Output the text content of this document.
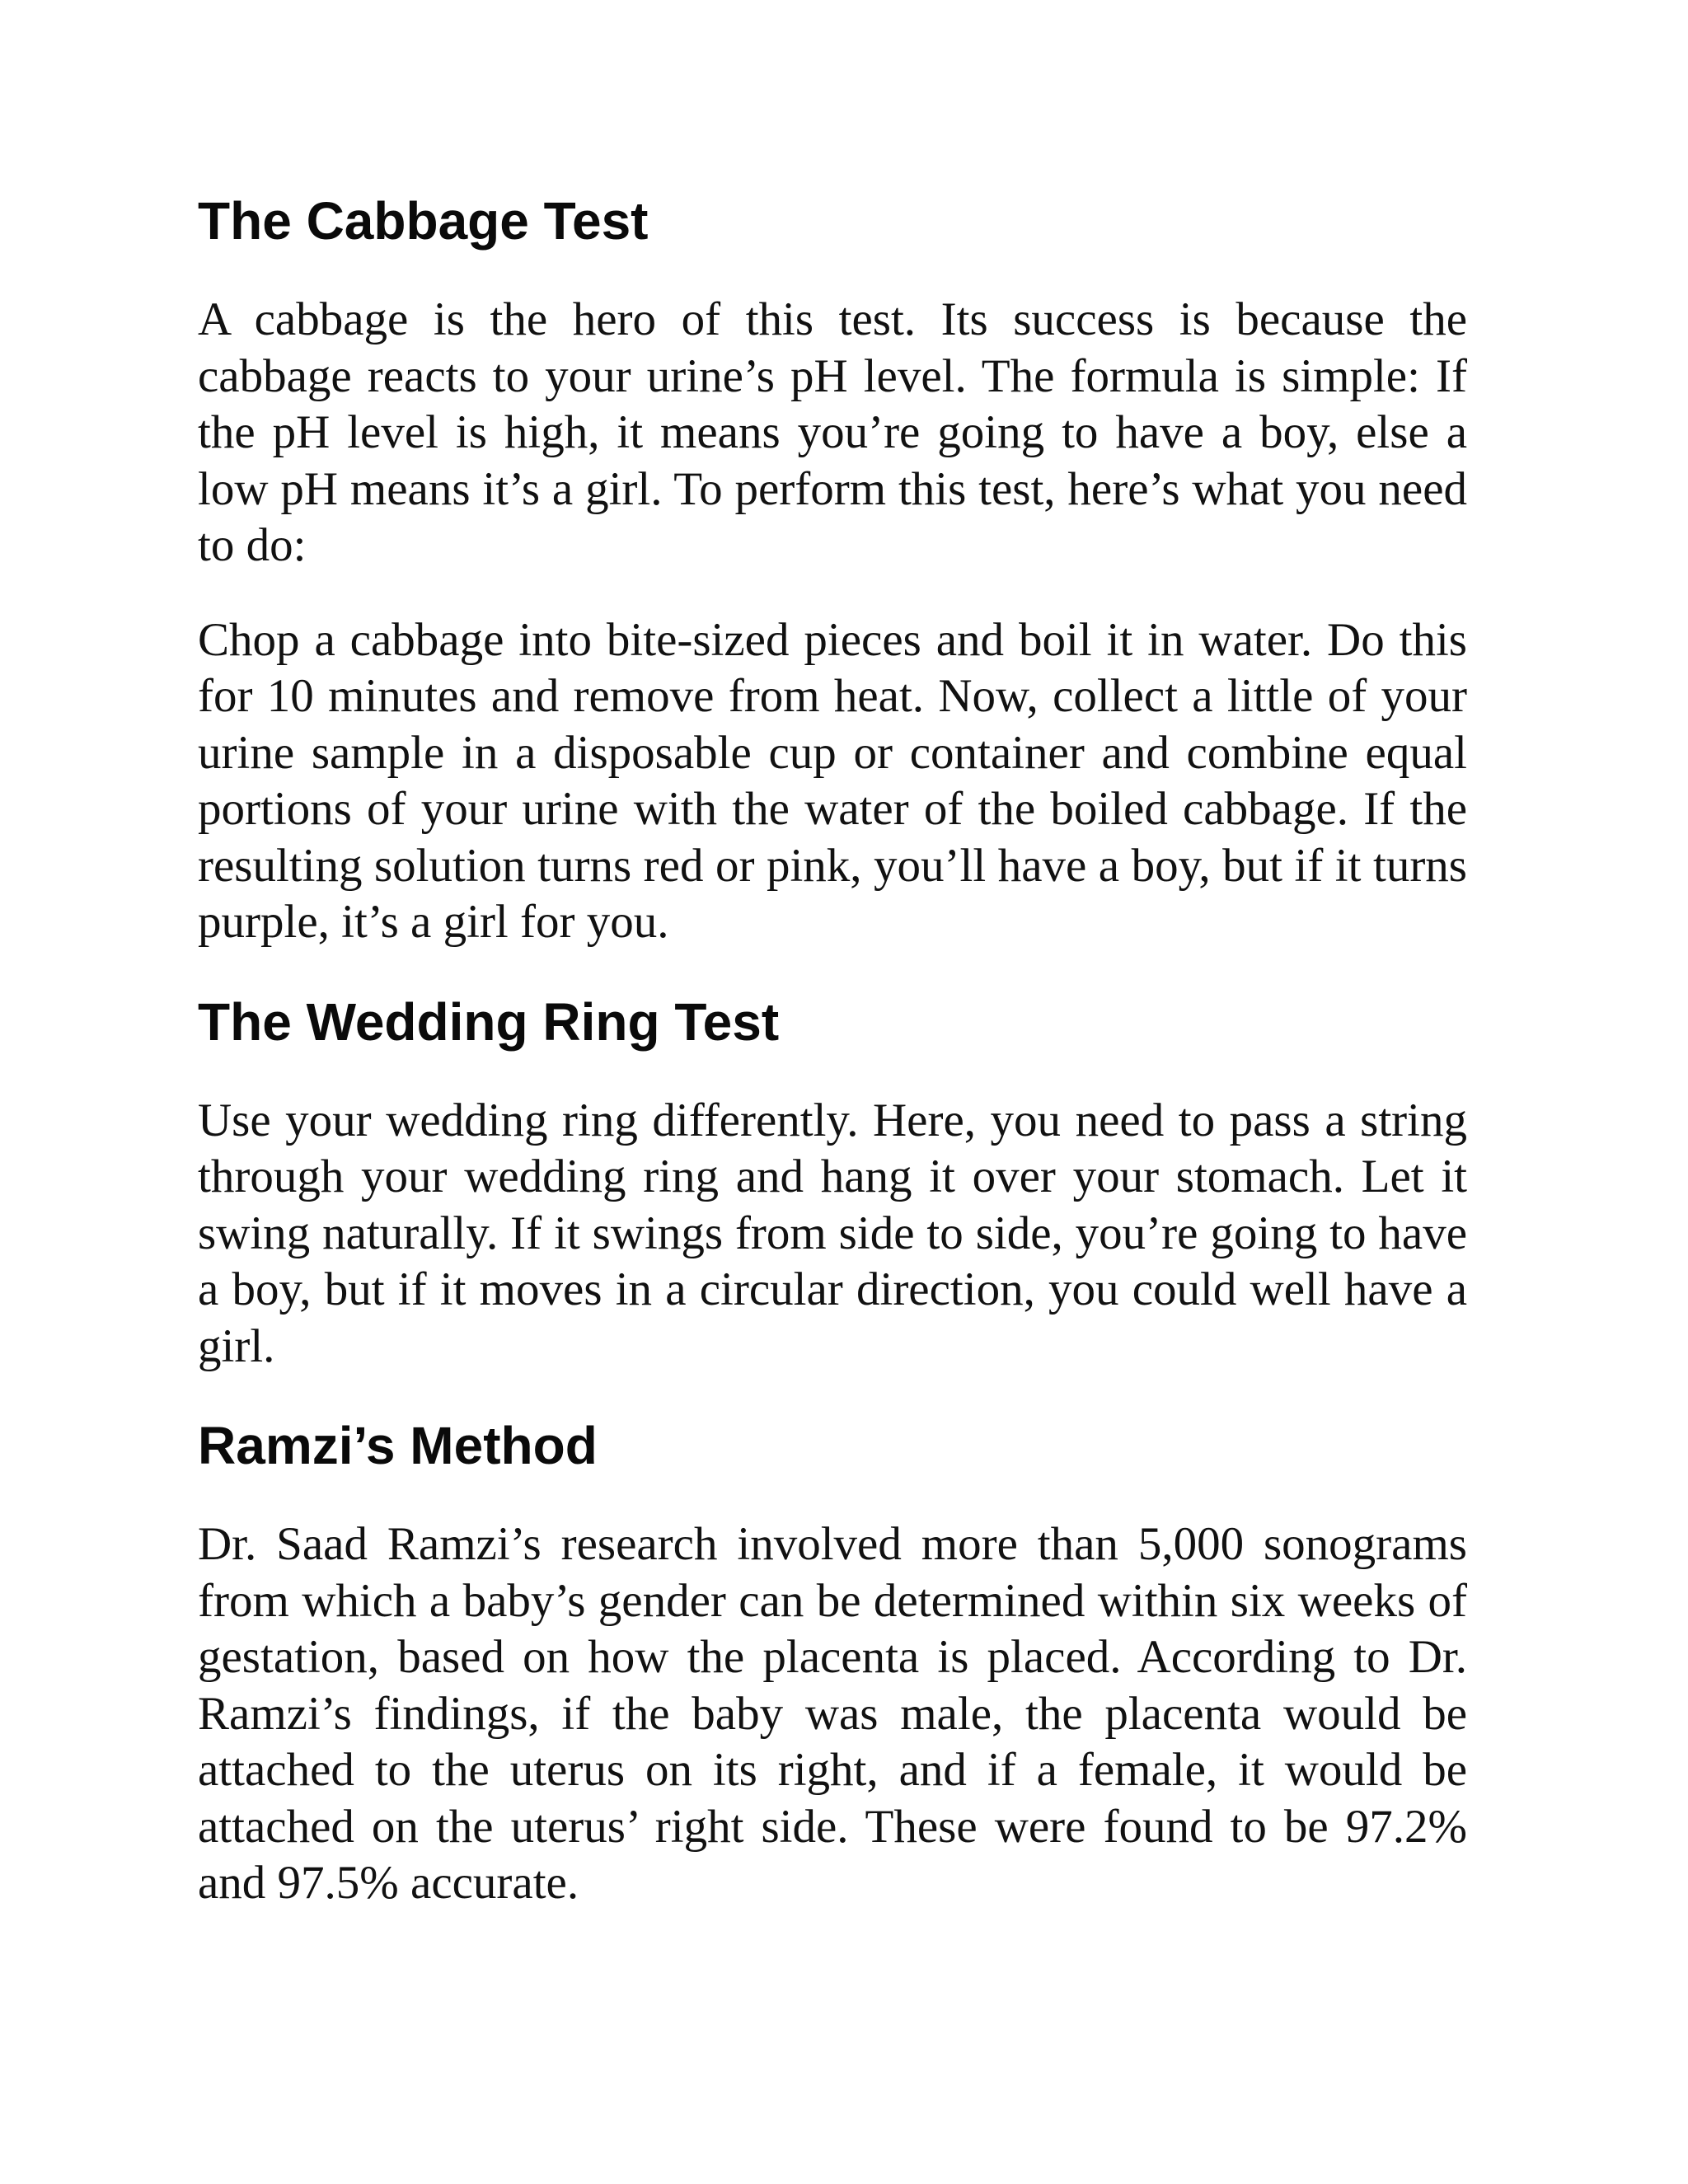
The Cabbage Test

A cabbage is the hero of this test. Its success is because the cabbage reacts to your urine’s pH level. The formula is simple: If the pH level is high, it means you’re going to have a boy, else a low pH means it’s a girl. To perform this test, here’s what you need to do:

Chop a cabbage into bite-sized pieces and boil it in water. Do this for 10 minutes and remove from heat. Now, collect a little of your urine sample in a disposable cup or container and combine equal portions of your urine with the water of the boiled cabbage. If the resulting solution turns red or pink, you’ll have a boy, but if it turns purple, it’s a girl for you.

The Wedding Ring Test

Use your wedding ring differently. Here, you need to pass a string through your wedding ring and hang it over your stomach. Let it swing naturally. If it swings from side to side, you’re going to have a boy, but if it moves in a circular direction, you could well have a girl.

Ramzi’s Method

Dr. Saad Ramzi’s research involved more than 5,000 sonograms from which a baby’s gender can be determined within six weeks of gestation, based on how the placenta is placed. According to Dr. Ramzi’s findings, if the baby was male, the placenta would be attached to the uterus on its right, and if a female, it would be attached on the uterus’ right side. These were found to be 97.2% and 97.5% accurate.
